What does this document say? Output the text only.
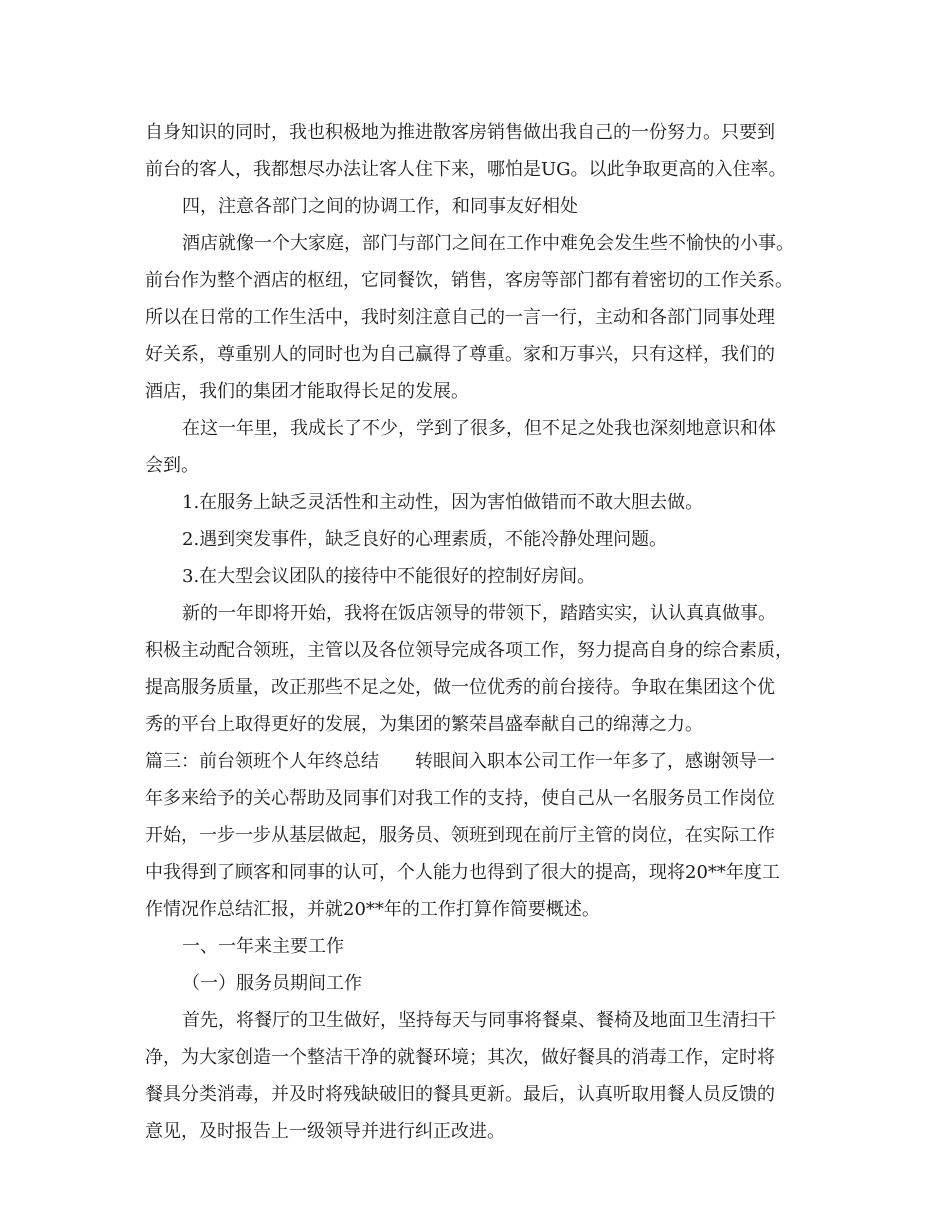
自身知识的同时，我也积极地为推进散客房销售做出我自己的一份努力。只要到
前台的客人，我都想尽办法让客人住下来，哪怕是UG。以此争取更高的入住率。
四，注意各部门之间的协调工作，和同事友好相处
酒店就像一个大家庭，部门与部门之间在工作中难免会发生些不愉快的小事。
前台作为整个酒店的枢纽，它同餐饮，销售，客房等部门都有着密切的工作关系。
所以在日常的工作生活中，我时刻注意自己的一言一行，主动和各部门同事处理
好关系，尊重别人的同时也为自己赢得了尊重。家和万事兴，只有这样，我们的
酒店，我们的集团才能取得长足的发展。
在这一年里，我成长了不少，学到了很多，但不足之处我也深刻地意识和体
会到。
1.在服务上缺乏灵活性和主动性，因为害怕做错而不敢大胆去做。
2.遇到突发事件，缺乏良好的心理素质，不能冷静处理问题。
3.在大型会议团队的接待中不能很好的控制好房间。
新的一年即将开始，我将在饭店领导的带领下，踏踏实实，认认真真做事。
积极主动配合领班，主管以及各位领导完成各项工作，努力提高自身的综合素质，
提高服务质量，改正那些不足之处，做一位优秀的前台接待。争取在集团这个优
秀的平台上取得更好的发展，为集团的繁荣昌盛奉献自己的绵薄之力。
篇三：前台领班个人年终总结 转眼间入职本公司工作一年多了，感谢领导一
年多来给予的关心帮助及同事们对我工作的支持，使自己从一名服务员工作岗位
开始，一步一步从基层做起，服务员、领班到现在前厅主管的岗位，在实际工作
中我得到了顾客和同事的认可，个人能力也得到了很大的提高，现将20**年度工
作情况作总结汇报，并就20**年的工作打算作简要概述。
一、一年来主要工作
（一）服务员期间工作
首先，将餐厅的卫生做好，坚持每天与同事将餐桌、餐椅及地面卫生清扫干
净，为大家创造一个整洁干净的就餐环境；其次，做好餐具的消毒工作，定时将
餐具分类消毒，并及时将残缺破旧的餐具更新。最后，认真听取用餐人员反馈的
意见，及时报告上一级领导并进行纠正改进。
